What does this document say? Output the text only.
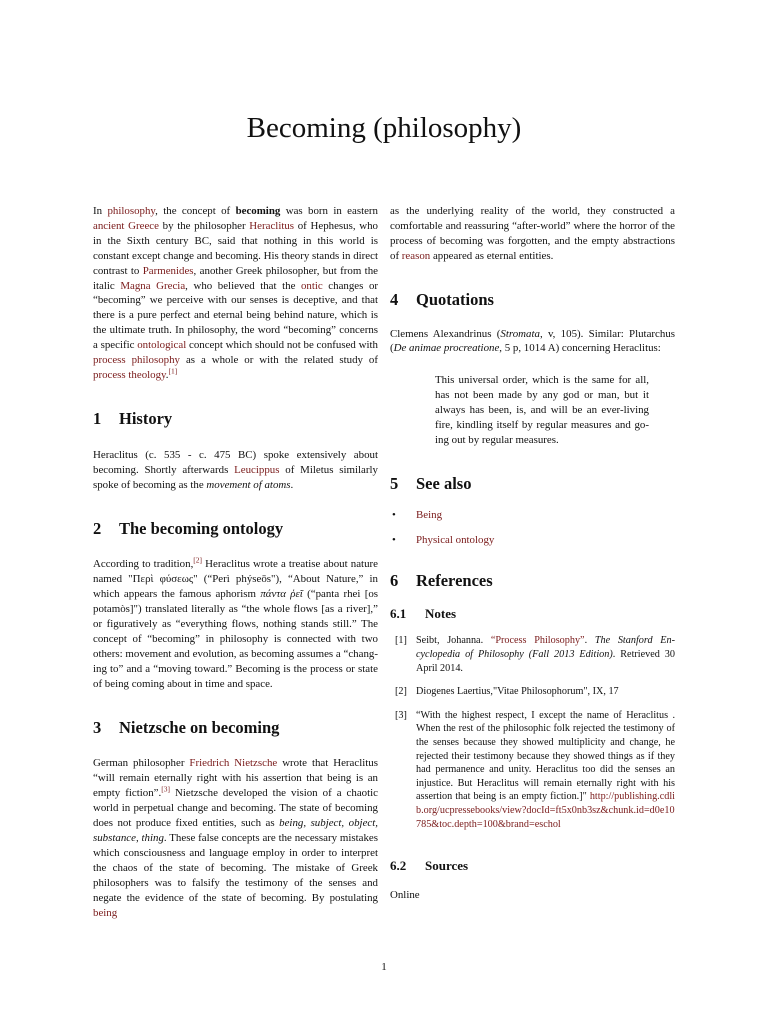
Becoming (philosophy)

In philosophy, the concept of becoming was born in eastern ancient Greece by the philosopher Heraclitus of Hephesus, who in the Sixth century BC, said that nothing in this world is constant except change and becoming. His theory stands in direct contrast to Parmenides, another Greek philosopher, but from the italic Magna Grecia, who believed that the ontic changes or “becoming” we perceive with our senses is deceptive, and that there is a pure perfect and eternal being behind nature, which is the ultimate truth. In philosophy, the word “becoming” concerns a specific ontological concept which should not be confused with process philosophy as a whole or with the related study of process theology.[1]

1 History

Heraclitus (c. 535 - c. 475 BC) spoke extensively about becoming. Shortly afterwards Leucippus of Miletus similarly spoke of becoming as the movement of atoms.

2 The becoming ontology

According to tradition,[2] Heraclitus wrote a treatise about nature named "Περὶ φύσεως" (“Perì phýseōs"), “About Nature,” in which appears the famous aphorism πάντα ῥεῖ (“panta rhei [os potamòs]") translated literally as “the whole flows [as a river],” or figuratively as “everything flows, nothing stands still.” The concept of “becoming” in philosophy is connected with two others: movement and evolution, as becoming assumes a “changing to” and a “moving toward.” Becoming is the process or state of being coming about in time and space.

3 Nietzsche on becoming

German philosopher Friedrich Nietzsche wrote that Heraclitus “will remain eternally right with his assertion that being is an empty fiction”.[3] Nietzsche developed the vision of a chaotic world in perpetual change and becoming. The state of becoming does not produce fixed entities, such as being, subject, object, substance, thing. These false concepts are the necessary mistakes which consciousness and language employ in order to interpret the chaos of the state of becoming. The mistake of Greek philosophers was to falsify the testimony of the senses and negate the evidence of the state of becoming. By postulating being

as the underlying reality of the world, they constructed a comfortable and reassuring “after-world” where the horror of the process of becoming was forgotten, and the empty abstractions of reason appeared as eternal entities.

4 Quotations

Clemens Alexandrinus (Stromata, v, 105). Similar: Plutarchus (De animae procreatione, 5 p, 1014 A) concerning Heraclitus:

This universal order, which is the same for all, has not been made by any god or man, but it always has been, is, and will be an ever-living fire, kindling itself by regular measures and going out by regular measures.

5 See also
• Being
• Physical ontology
6 References
6.1 Notes
[1] Seibt, Johanna. “Process Philosophy”. The Stanford Encyclopedia of Philosophy (Fall 2013 Edition). Retrieved 30 April 2014.
[2] Diogenes Laertius,"Vitae Philosophorum", IX, 17
[3] “With the highest respect, I except the name of Heraclitus . When the rest of the philosophic folk rejected the testimony of the senses because they showed multiplicity and change, he rejected their testimony because they showed things as if they had permanence and unity. Heraclitus too did the senses an injustice. But Heraclitus will remain eternally right with his assertion that being is an empty fiction.]" http://publishing.cdlib.org/ucpressebooks/view?docId=ft5x0nb3sz&chunk.id=d0e10785&toc.depth=100&brand=eschol
6.2 Sources

Online

1
